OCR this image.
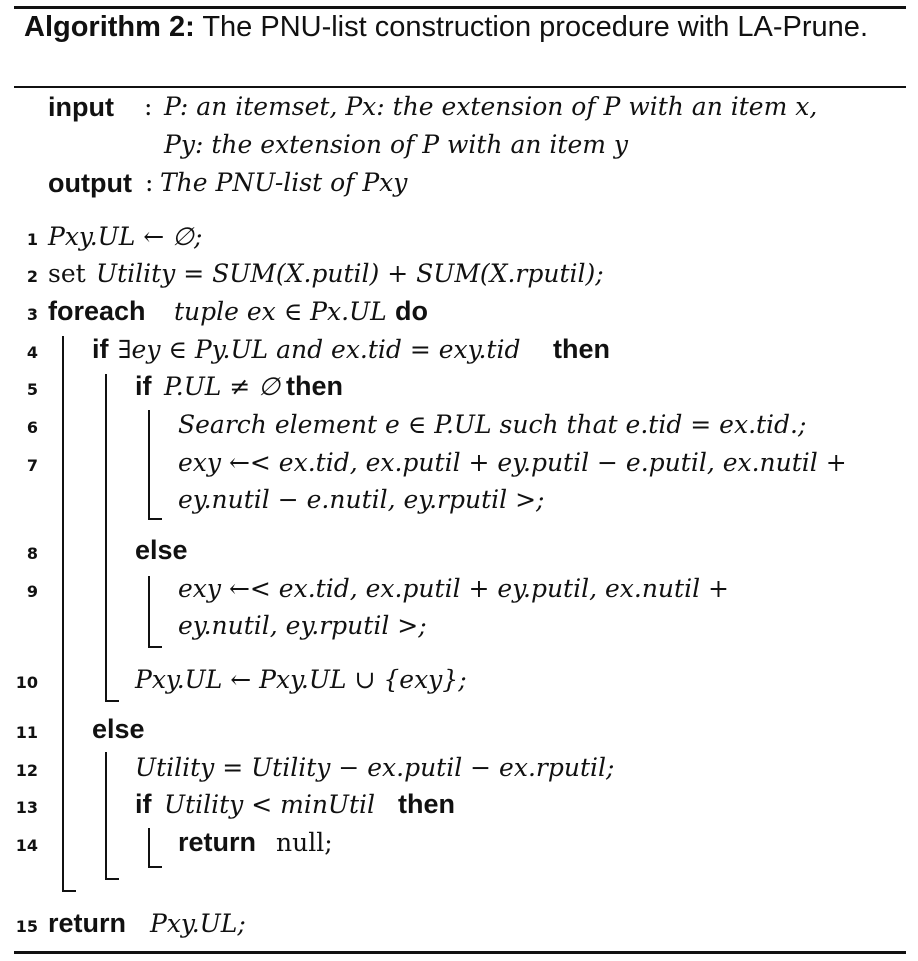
Algorithm 2: The PNU-list construction procedure with LA-Prune.
input : P: an itemset, Px: the extension of P with an item x,
Py: the extension of P with an item y
output : The PNU-list of Pxy
1 Pxy.UL ← ∅;
2 set Utility = SUM(X.putil) + SUM(X.rputil);
3 foreach tuple ex ∈ Px.UL do
4 if ∃ey ∈ Py.UL and ex.tid = exy.tid then
5	if P.UL ≠ ∅ then
6	Search element e ∈ P.UL such that e.tid = ex.tid.;
7	exy ←< ex.tid, ex.putil + ey.putil − e.putil, ex.nutil +
ey.nutil − e.nutil, ey.rputil >;
8	else
9	exy ←< ex.tid, ex.putil + ey.putil, ex.nutil +
ey.nutil, ey.rputil >;
10	Pxy.UL ← Pxy.UL ∪ {exy};
11 else
12	Utility = Utility − ex.putil − ex.rputil;
13	if Utility < minUtil then
14	return null;
15 return Pxy.UL;
